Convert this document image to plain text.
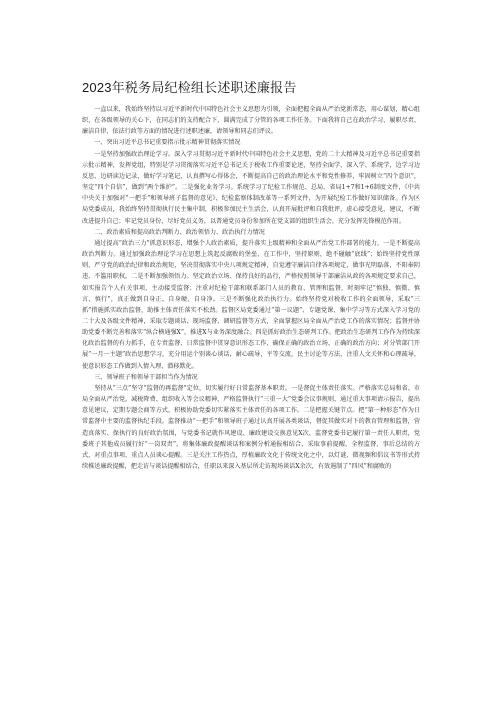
2023年税务局纪检组长述职述廉报告

一直以来，我始终坚持以习近平新时代中国特色社会主义思想为引领，全面把握全面从严治党新常态，用心谋划，精心组织，在各级领导的关心下，在同志们的支持配合下，圆满完成了分管的各项工作任务。下面我将自己在政治学习、履职尽责、廉洁自律、依法行政等方面的情况进行述职述廉，请领导和同志们评议。

一、突出习近平总书记重要指示批示精神贯彻落实情况

一是坚持加强政治理论学习。深入学习贯彻习近平新时代中国特色社会主义思想，党的二十大精神及习近平总书记重要指示批示精神，发挥党组，特别是学习贯彻落实习近平总书记关于税收工作重要论述，坚持全面学、深入学、系统学，边学习边反思、边研读边记录，做好学习笔记，认真撰写心得体会，不断提高自己的政治理论水平和党性修养，牢固树立“四个意识”，坚定“四个自信”，做到“两个维护”。二是强化业务学习。系统学习了纪检工作规范、总局、省局1+7和1+6制度文件，《中共中央关于加强对“一把手”和领导班子监督的意见》、纪检监察体制改革等一系列文件，为开展纪检工作做好知识储备。作为区局党委成员，我始终坚持贯彻执行民主集中制，积极参加民主生活会，认真开展批评和自我批评，虚心接受意见，建议，不断改进提升自己；牢记党员身份，尽好党员义务，以普通党员身份参加所在党支部的组织生活会，充分发挥先锋模范作用。

二、政治素质和提高政治判断力、政治领悟力、政治执行力情况

通过提高“政治三力”抓意识形态，增强个人政治素质，提升落实上级精神和全面从严治党工作部署的能力，一是不断提高政治判断力。通过加强政治理论学习在思想上筑起反腐败的堡垒，在工作中，坚持原则，绝不碰触“底线”；始终坚持党性原则，严守党的政治纪律和政治规矩，坚决贯彻落实中央八项规定精神，自觉遵守廉洁自律各项规定，做事光明磊落，不阳奉阴违，不滥用职权。二是不断加强领悟力。坚定政治立场、保持良好的品行，严格按照领导干部廉洁从政的各项规定要求自己，如实报告个人有关事项，主动接受监督；注重对纪检干部和联系部门人员的教育、管理和监督，时刻牢记“慎独、慎微、慎言、慎行”，真正做到自身正、自身硬、自身净。三是不断强化政治执行力。始终坚持党对税收工作的全面领导，采取“三抓”措施抓实政治监督，助推主体责任落实不松劲。监督区局党委通过“第一议题”、专题党课、集中学习等方式深入学习党的二十大及各级文件精神，采取专题谈话、现场监督、调研监督等方式，全面掌握区局全面从严治党工作的落实情况；监督并协助党委不断完善和落实“纵合横通强X”，推进X与业务深度融合。四是抓好政治生态研判工作。把政治生态研判工作作为持续深化政治监督的有力抓手，在专责监督、日常监督中贯穿意识形态工作，确保正确的政治立场、正确的政治方向；对分管部门开展“一月一主题”政治思想学习，充分用运个别谈心谈话，耐心疏导，平等交流，民主讨论等方法，注重人文关怀和心理疏导，使意识形态工作做到入情入理、潜移默化。

三、领导班子和领导干部担当作为情况

坚持从“三点”坚守“监督的再监督”定位，切实履行好日常监督基本职责。一是督促主体责任落实。严格落实总局和省、市局全面从严治党，减税降费、组织收入等会议精神，严格监督执行“三重一大”党委会议事规则，通过重大事项请示报告，提出意见建议，定期专题会商等方式，积极协助党委切实紧落实主体责任的各项工作。二是把握关键节点。把“第一种形态”作为日常监督中主要的监督执纪手段。监督推动“一把手”和领导班子通过认真开展各类谈话，督促其做实对下的教育管理和监督，营造真落实、保执行的良好政治氛围，与党委书记就作风建设、廉政建设交换意见X次，监督党委书记履行第一责任人职责，党委班子其他成员履行好“一岗双责”，将集体廉政提醒谈话和案例分析通报相结合，采取事前提醒、全程监督、事后总结的方式，对重点事项、重点人员谈心提醒。三是关注工作热点，厚植廉政文化于传统文化之中，以灯谜、微视频和倡议书等形式持续推送廉政提醒，把走访与谈话提醒相结合，任职以来深入基层所走访现场谈话X余次，有效遏制了“四风”和腐败的
